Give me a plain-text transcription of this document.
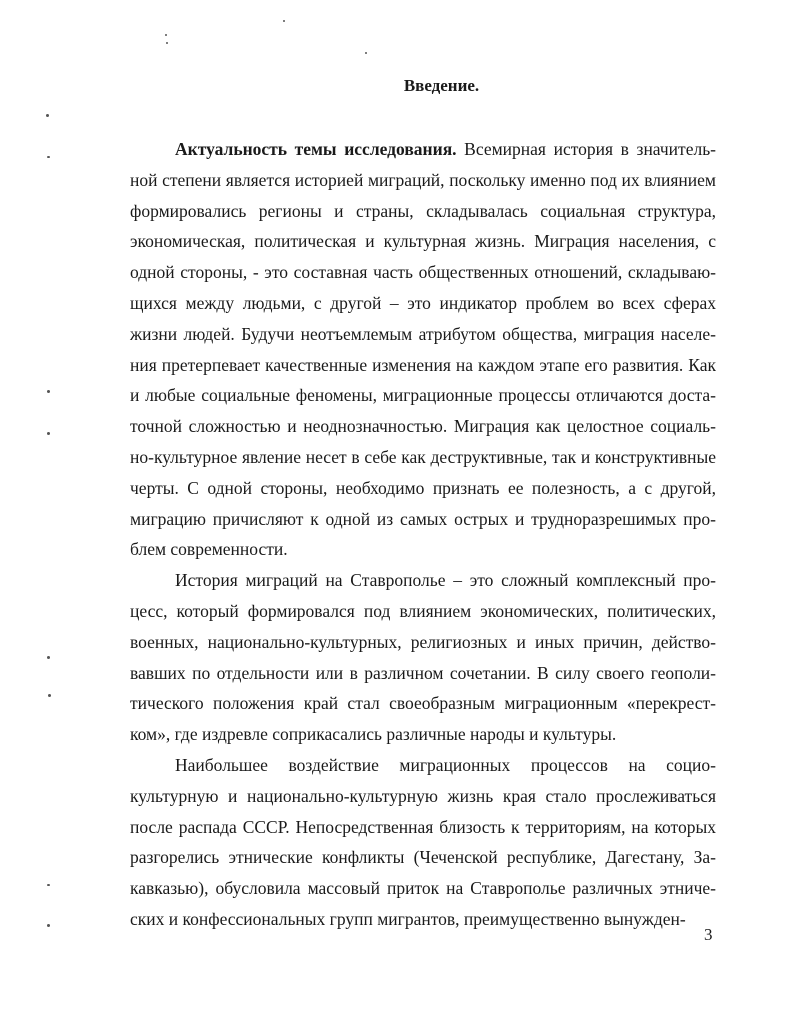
Введение.

Актуальность темы исследования. Всемирная история в значительной степени является историей миграций, поскольку именно под их влиянием формировались регионы и страны, складывалась социальная структура, экономическая, политическая и культурная жизнь. Миграция населения, с одной стороны, - это составная часть общественных отношений, складывающихся между людьми, с другой – это индикатор проблем во всех сферах жизни людей. Будучи неотъемлемым атрибутом общества, миграция населения претерпевает качественные изменения на каждом этапе его развития. Как и любые социальные феномены, миграционные процессы отличаются достаточной сложностью и неоднозначностью. Миграция как целостное социально-культурное явление несет в себе как деструктивные, так и конструктивные черты. С одной стороны, необходимо признать ее полезность, а с другой, миграцию причисляют к одной из самых острых и трудноразрешимых проблем современности.

История миграций на Ставрополье – это сложный комплексный процесс, который формировался под влиянием экономических, политических, военных, национально-культурных, религиозных и иных причин, действовавших по отдельности или в различном сочетании. В силу своего геополитического положения край стал своеобразным миграционным «перекрестком», где издревле соприкасались различные народы и культуры.

Наибольшее воздействие миграционных процессов на социокультурную и национально-культурную жизнь края стало прослеживаться после распада СССР. Непосредственная близость к территориям, на которых разгорелись этнические конфликты (Чеченской республике, Дагестану, Закавказью), обусловила массовый приток на Ставрополье различных этнических и конфессиональных групп мигрантов, преимущественно вынужден-

3
